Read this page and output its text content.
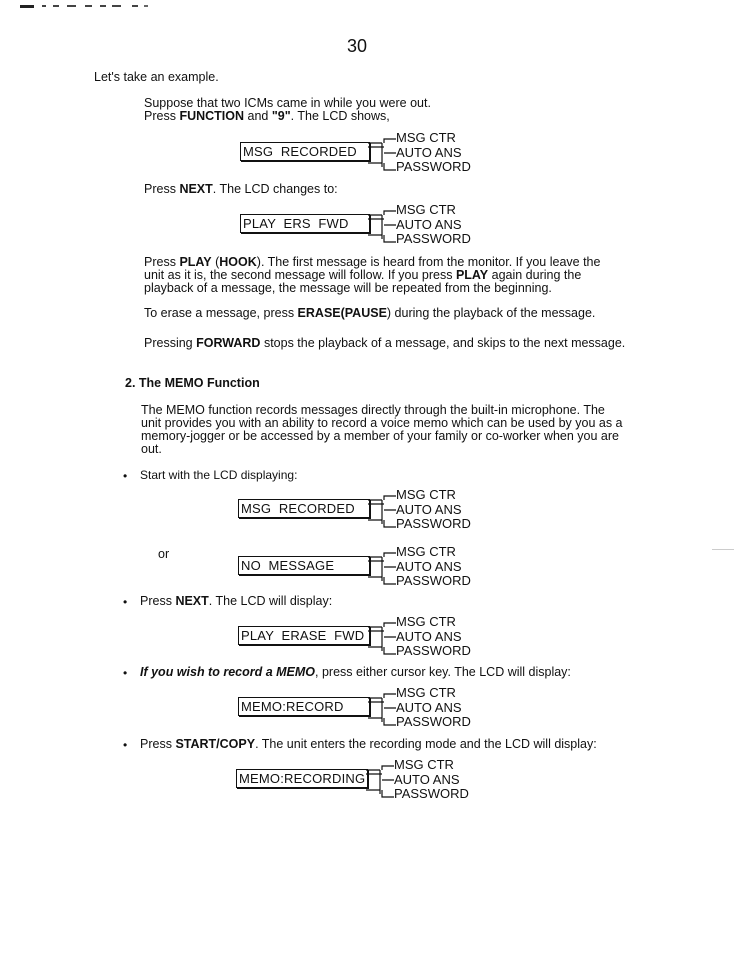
30
Let's take an example.
Suppose that two ICMs came in while you were out.
Press FUNCTION and "9". The LCD shows,
MSG  RECORDED
MSG CTR
AUTO ANS
PASSWORD
Press NEXT. The LCD changes to:
PLAY  ERS  FWD
MSG CTR
AUTO ANS
PASSWORD
Press PLAY (HOOK). The first message is heard from the monitor. If you leave the
unit as it is, the second message will follow. If you press PLAY again during the
playback of a message, the message will be repeated from the beginning.
To erase a message, press ERASE(PAUSE) during the playback of the message.
Pressing FORWARD stops the playback of a message, and skips to the next message.
2. The MEMO Function
The MEMO function records messages directly through the built-in microphone. The
unit provides you with an ability to record a voice memo which can be used by you as a
memory-jogger or be accessed by a member of your family or co-worker when you are
out.
• Start with the LCD displaying:
MSG  RECORDED
MSG CTR
AUTO ANS
PASSWORD
or
NO  MESSAGE
MSG CTR
AUTO ANS
PASSWORD
• Press NEXT. The LCD will display:
PLAY  ERASE  FWD
MSG CTR
AUTO ANS
PASSWORD
• If you wish to record a MEMO, press either cursor key. The LCD will display:
MEMO:RECORD
MSG CTR
AUTO ANS
PASSWORD
• Press START/COPY. The unit enters the recording mode and the LCD will display:
MEMO:RECORDING
MSG CTR
AUTO ANS
PASSWORD
